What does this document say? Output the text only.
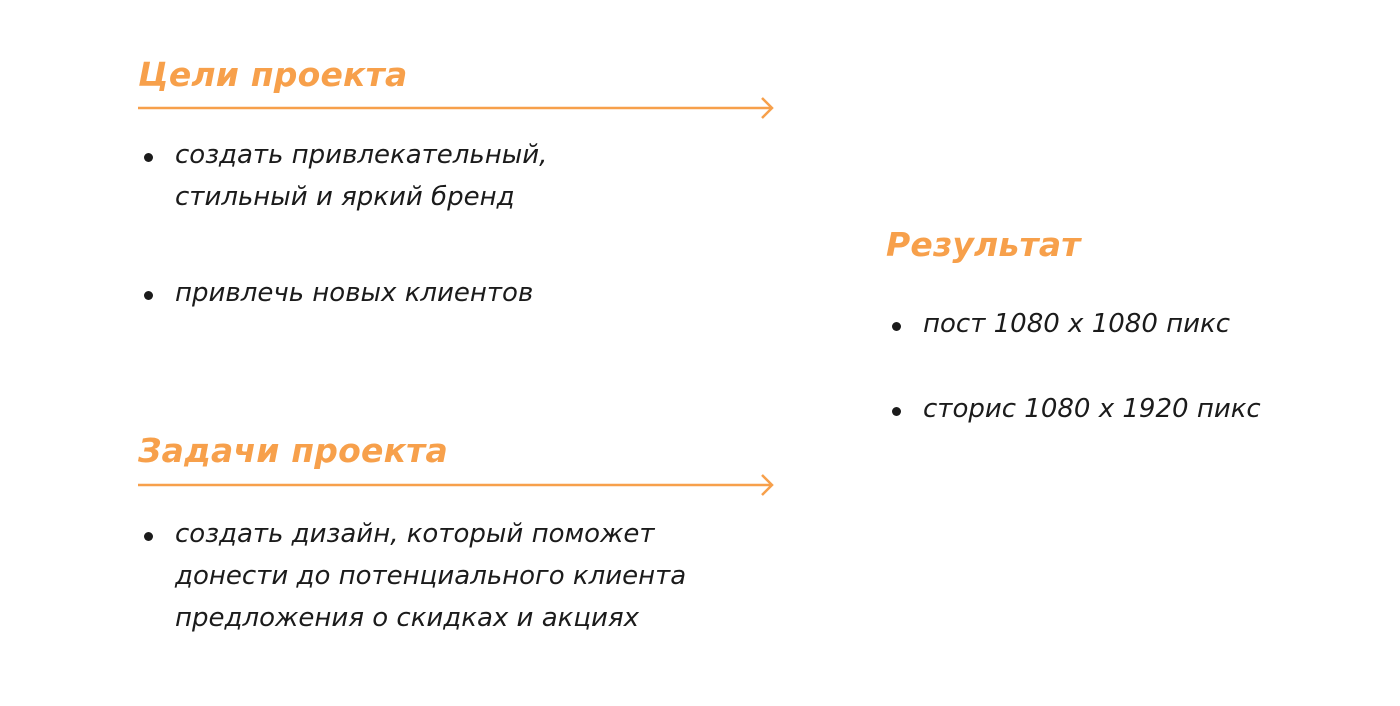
Цели проекта
создать привлекательный,
стильный и яркий бренд
привлечь новых клиентов
Задачи проекта
создать дизайн, который поможет
донести до потенциального клиента
предложения о скидках и акциях
Результат
пост 1080 х 1080 пикс
сторис 1080 х 1920 пикс
